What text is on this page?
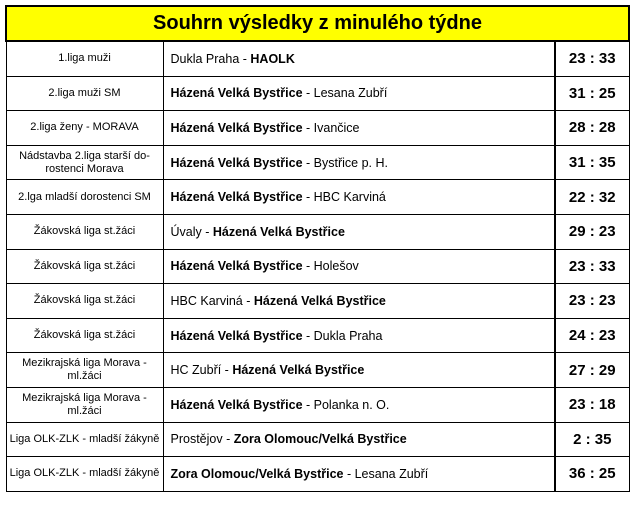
Souhrn výsledky z minulého týdne		
1.liga muži	Dukla Praha - HAOLK	23 : 33
2.liga muži SM	Házená Velká Bystřice - Lesana Zubří	31 : 25
2.liga ženy - MORAVA	Házená Velká Bystřice - Ivančice	28 : 28
Nádstavba 2.liga starší do-rostenci Morava	Házená Velká Bystřice - Bystřice p. H.	31 : 35
2.lga mladší dorostenci SM	Házená Velká Bystřice - HBC Karviná	22 : 32
Žákovská liga st.žáci	Úvaly - Házená Velká Bystřice	29 : 23
Žákovská liga st.žáci	Házená Velká Bystřice - Holešov	23 : 33
Žákovská liga st.žáci	HBC Karviná - Házená Velká Bystřice	23 : 23
Žákovská liga st.žáci	Házená Velká Bystřice - Dukla Praha	24 : 23
Mezikrajská liga Morava - ml.žáci	HC Zubří - Házená Velká Bystřice	27 : 29
Mezikrajská liga Morava - ml.žáci	Házená Velká Bystřice - Polanka n. O.	23 : 18
Liga OLK-ZLK - mladší žákyně	Prostějov - Zora Olomouc/Velká Bystřice	2 : 35
Liga OLK-ZLK - mladší žákyně	Zora Olomouc/Velká Bystřice - Lesana Zubří	36 : 25
